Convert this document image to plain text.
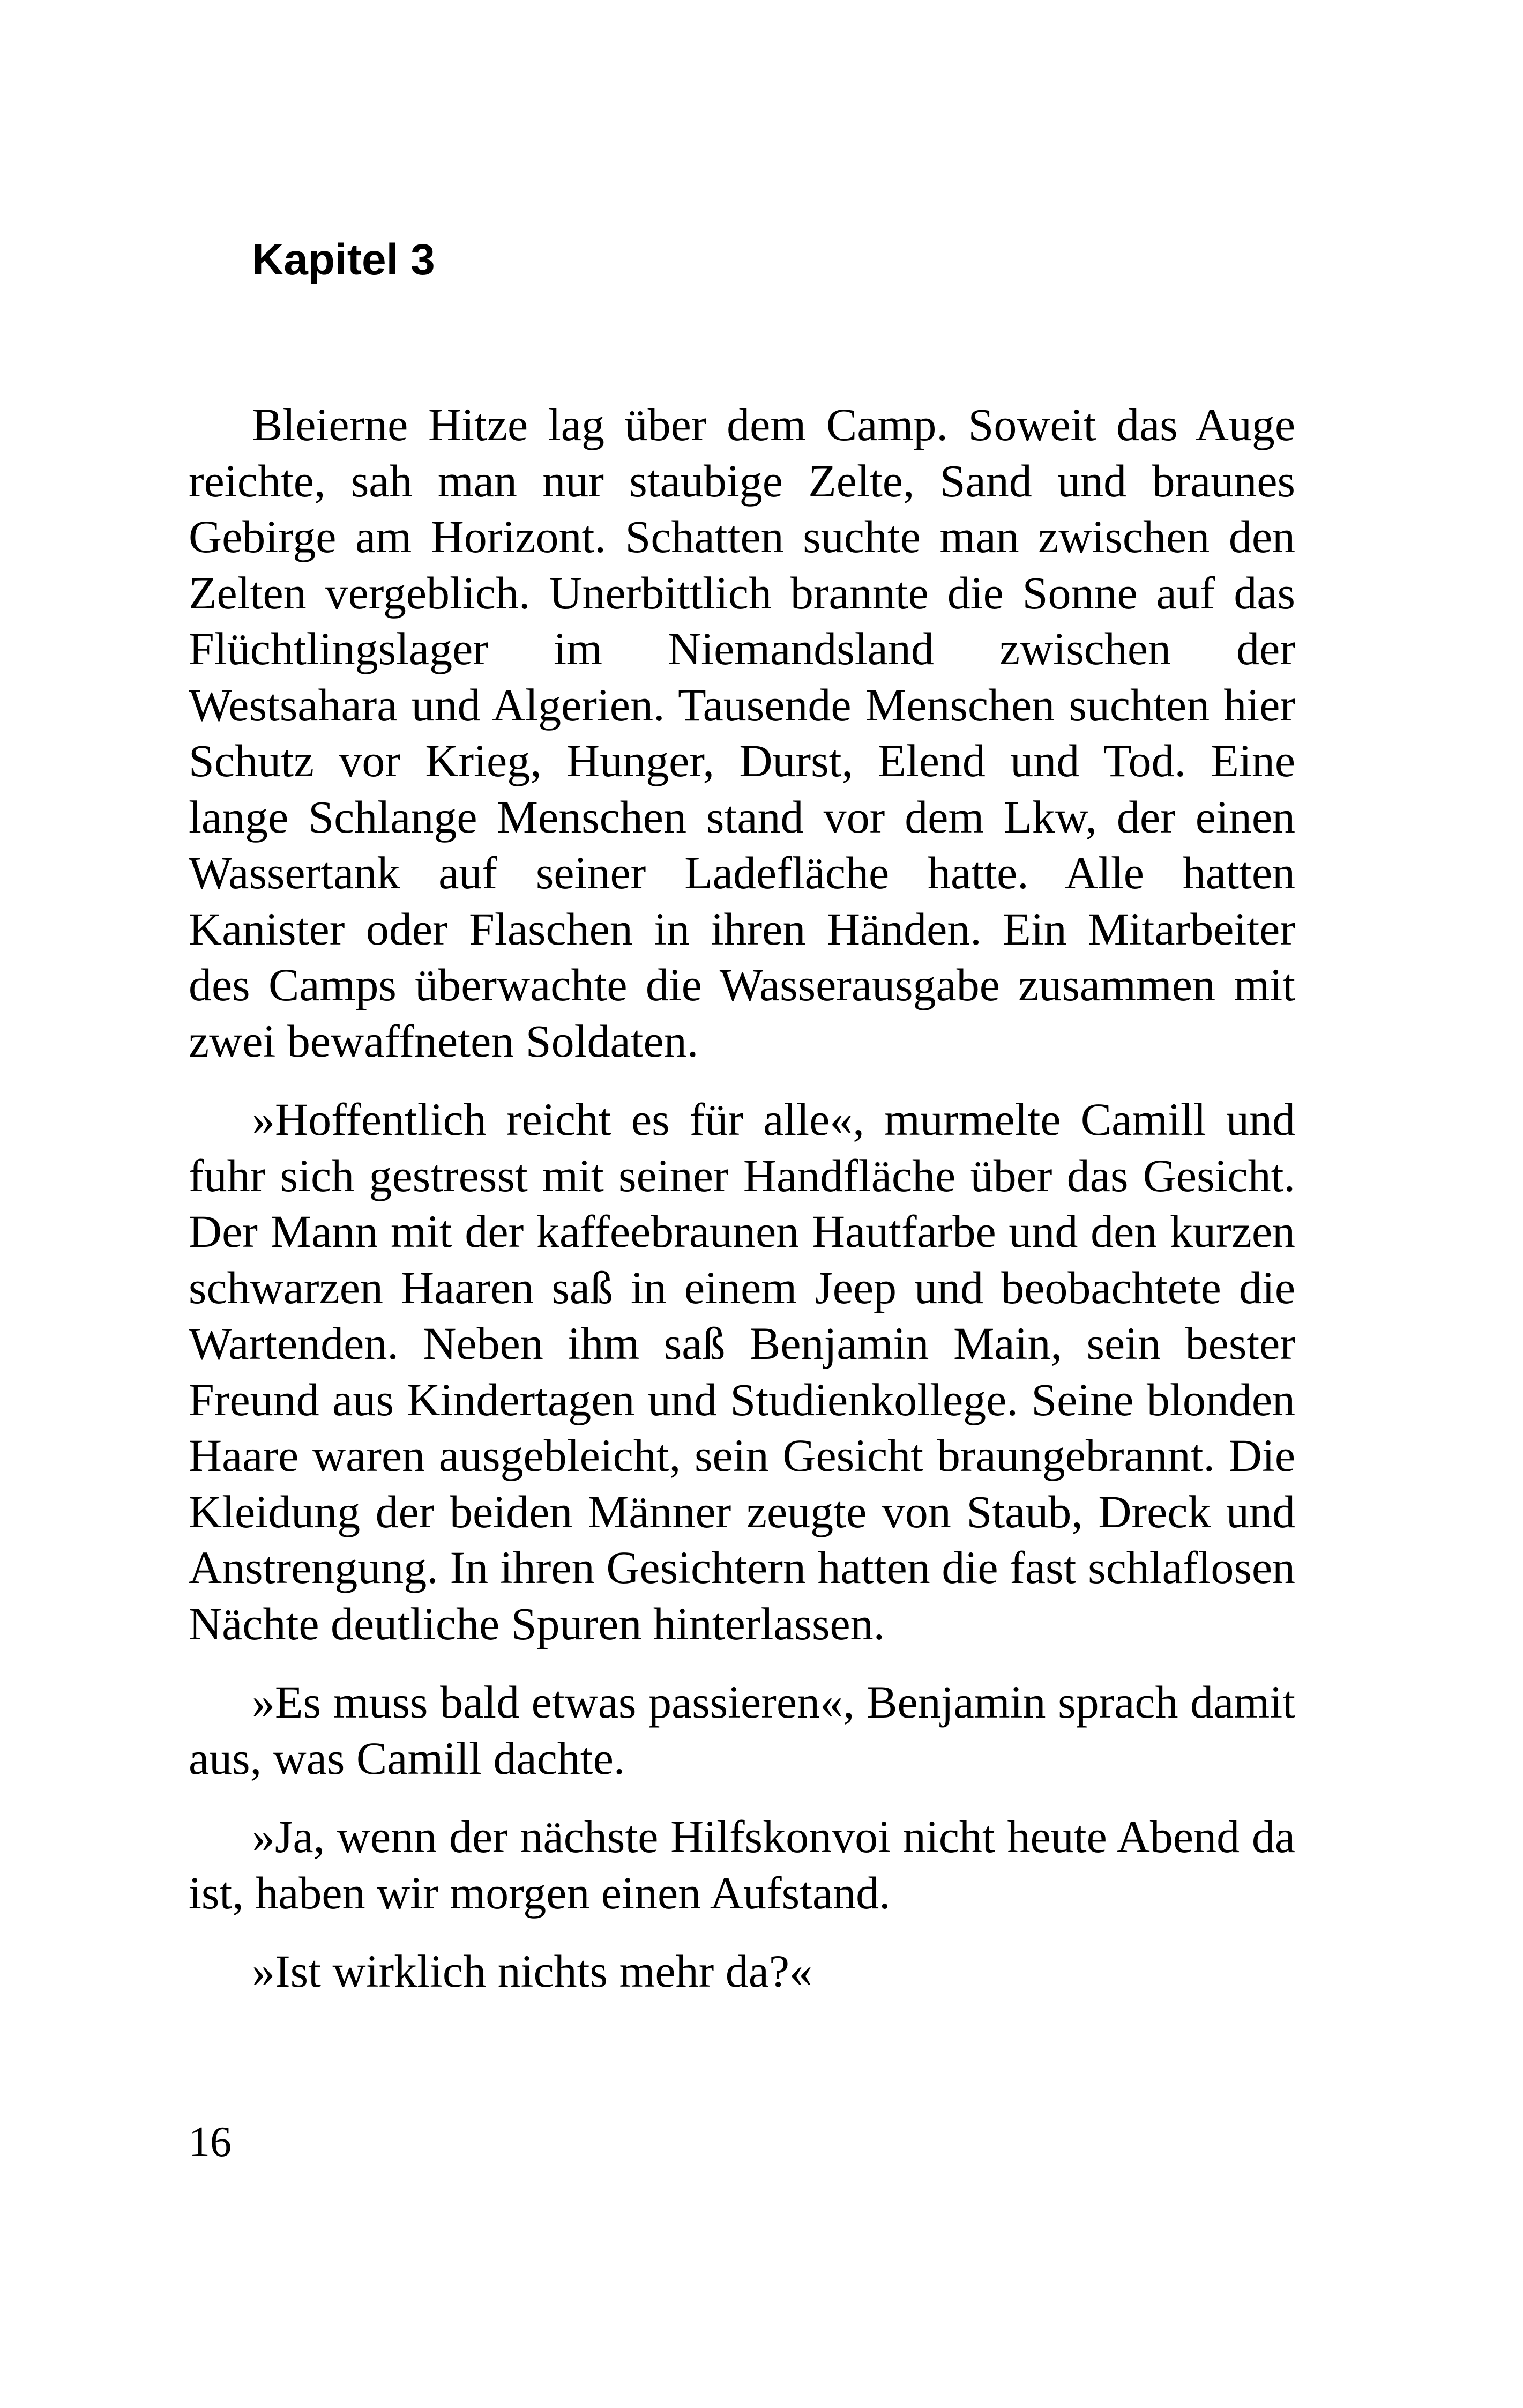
Kapitel 3

Bleierne Hitze lag über dem Camp. Soweit das Auge reichte, sah man nur staubige Zelte, Sand und braunes Gebirge am Horizont. Schatten suchte man zwischen den Zelten vergeblich. Unerbittlich brannte die Sonne auf das Flüchtlingslager im Niemandsland zwischen der Westsahara und Algerien. Tausende Menschen suchten hier Schutz vor Krieg, Hunger, Durst, Elend und Tod. Eine lange Schlange Menschen stand vor dem Lkw, der einen Wassertank auf seiner Ladefläche hatte. Alle hatten Kanister oder Flaschen in ihren Händen. Ein Mitarbeiter des Camps überwachte die Wasserausgabe zusammen mit zwei bewaffneten Soldaten.

»Hoffentlich reicht es für alle«, murmelte Camill und fuhr sich gestresst mit seiner Handfläche über das Gesicht. Der Mann mit der kaffeebraunen Hautfarbe und den kurzen schwarzen Haaren saß in einem Jeep und beobachtete die Wartenden. Neben ihm saß Benjamin Main, sein bester Freund aus Kindertagen und Studienkollege. Seine blonden Haare waren ausgebleicht, sein Gesicht braungebrannt. Die Kleidung der beiden Männer zeugte von Staub, Dreck und Anstrengung. In ihren Gesichtern hatten die fast schlaflosen Nächte deutliche Spuren hinterlassen.

»Es muss bald etwas passieren«, Benjamin sprach damit aus, was Camill dachte.

»Ja, wenn der nächste Hilfskonvoi nicht heute Abend da ist, haben wir morgen einen Aufstand.

»Ist wirklich nichts mehr da?«

16
